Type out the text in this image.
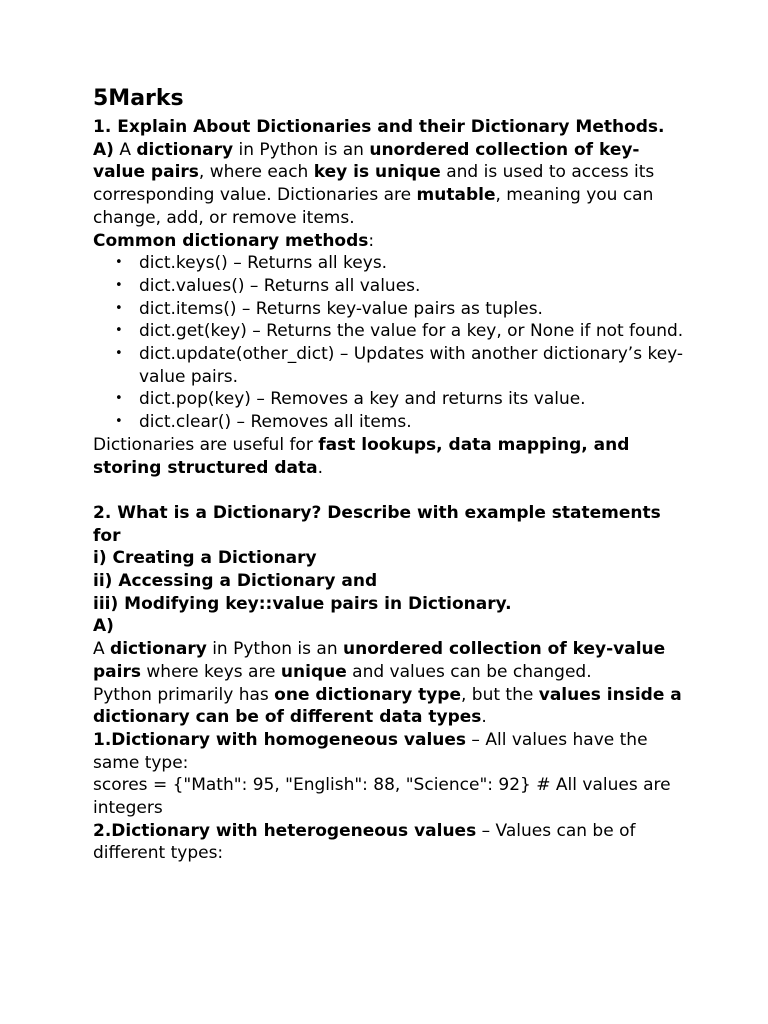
5Marks

1. Explain About Dictionaries and their Dictionary Methods.

A) A dictionary in Python is an unordered collection of key-value pairs, where each key is unique and is used to access its corresponding value. Dictionaries are mutable, meaning you can change, add, or remove items.

Common dictionary methods:

• dict.keys() – Returns all keys.
• dict.values() – Returns all values.
• dict.items() – Returns key-value pairs as tuples.
• dict.get(key) – Returns the value for a key, or None if not found.
• dict.update(other_dict) – Updates with another dictionary’s key-value pairs.
• dict.pop(key) – Removes a key and returns its value.
• dict.clear() – Removes all items.

Dictionaries are useful for fast lookups, data mapping, and storing structured data.

2. What is a Dictionary? Describe with example statements for

i) Creating a Dictionary

ii) Accessing a Dictionary and

iii) Modifying key::value pairs in Dictionary.

A)

A dictionary in Python is an unordered collection of key-value pairs where keys are unique and values can be changed.

Python primarily has one dictionary type, but the values inside a dictionary can be of different data types.

1.Dictionary with homogeneous values – All values have the same type:

scores = {"Math": 95, "English": 88, "Science": 92} # All values are integers

2.Dictionary with heterogeneous values – Values can be of different types:
